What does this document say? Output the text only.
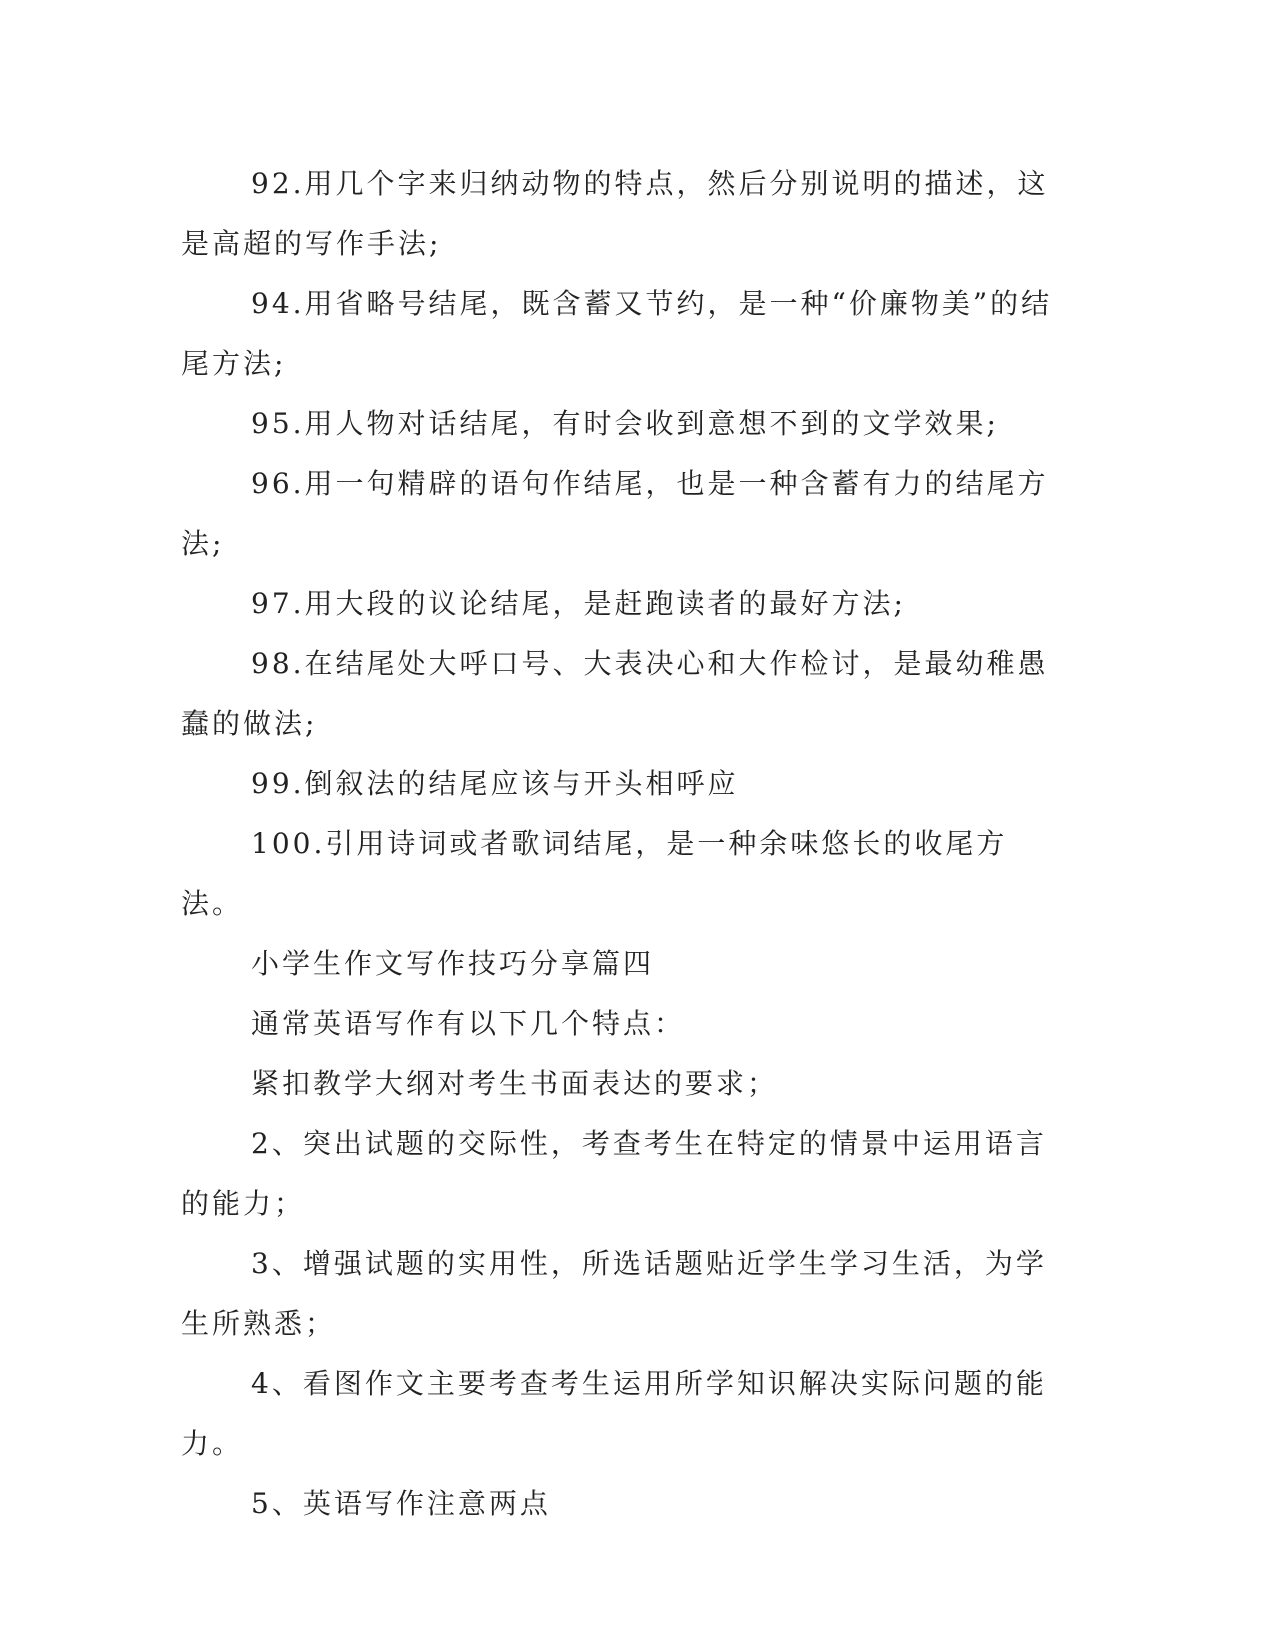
92.用几个字来归纳动物的特点，然后分别说明的描述，这是高超的写作手法;

94.用省略号结尾，既含蓄又节约，是一种“价廉物美”的结尾方法;

95.用人物对话结尾，有时会收到意想不到的文学效果;

96.用一句精辟的语句作结尾，也是一种含蓄有力的结尾方法;

97.用大段的议论结尾，是赶跑读者的最好方法;

98.在结尾处大呼口号、大表决心和大作检讨，是最幼稚愚蠢的做法;

99.倒叙法的结尾应该与开头相呼应

100.引用诗词或者歌词结尾，是一种余味悠长的收尾方法。

小学生作文写作技巧分享篇四

通常英语写作有以下几个特点：

紧扣教学大纲对考生书面表达的要求；

2、突出试题的交际性，考查考生在特定的情景中运用语言的能力；

3、增强试题的实用性，所选话题贴近学生学习生活，为学生所熟悉；

4、看图作文主要考查考生运用所学知识解决实际问题的能力。

5、英语写作注意两点
